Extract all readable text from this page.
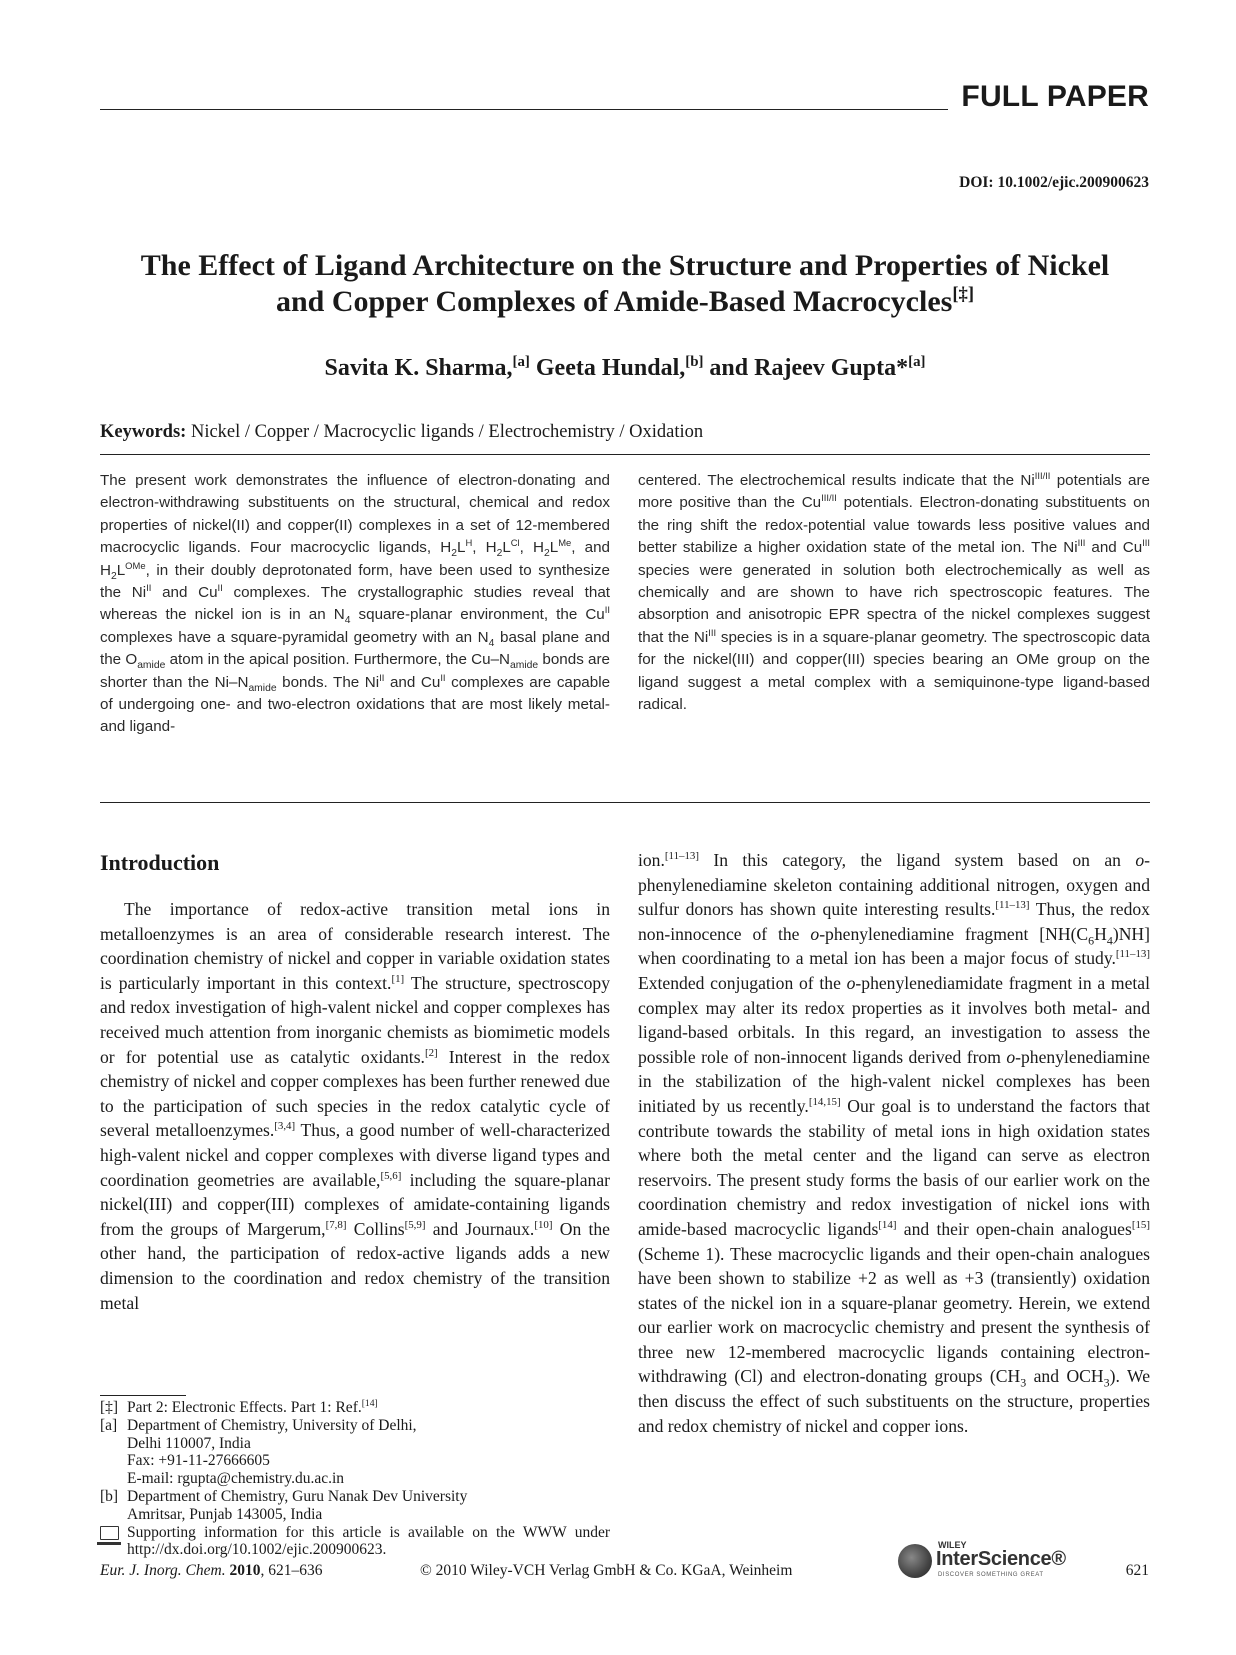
FULL PAPER
DOI: 10.1002/ejic.200900623
The Effect of Ligand Architecture on the Structure and Properties of Nickel
and Copper Complexes of Amide-Based Macrocycles[‡]
Savita K. Sharma,[a] Geeta Hundal,[b] and Rajeev Gupta*[a]
Keywords: Nickel / Copper / Macrocyclic ligands / Electrochemistry / Oxidation
The present work demonstrates the influence of electron-donating and electron-withdrawing substituents on the structural, chemical and redox properties of nickel(II) and copper(II) complexes in a set of 12-membered macrocyclic ligands. Four macrocyclic ligands, $H_2L^H$, $H_2L^{Cl}$, $H_2L^{Me}$, and $H_2L^{OMe}$, in their doubly deprotonated form, have been used to synthesize the $Ni^{II}$ and $Cu^{II}$ complexes. The crystallographic studies reveal that whereas the nickel ion is in an $N_4$ square-planar environment, the $Cu^{II}$ complexes have a square-pyramidal geometry with an $N_4$ basal plane and the $O_{amide}$ atom in the apical position. Furthermore, the $Cu-N_{amide}$ bonds are shorter than the $Ni-N_{amide}$ bonds. The $Ni^{II}$ and $Cu^{II}$ complexes are capable of undergoing one- and two-electron oxidations that are most likely metal- and ligand-
centered. The electrochemical results indicate that the $Ni^{III/II}$ potentials are more positive than the $Cu^{III/II}$ potentials. Electron-donating substituents on the ring shift the redox-potential value towards less positive values and better stabilize a higher oxidation state of the metal ion. The $Ni^{III}$ and $Cu^{III}$ species were generated in solution both electrochemically as well as chemically and are shown to have rich spectroscopic features. The absorption and anisotropic EPR spectra of the nickel complexes suggest that the $Ni^{III}$ species is in a square-planar geometry. The spectroscopic data for the nickel(III) and copper(III) species bearing an OMe group on the ligand suggest a metal complex with a semiquinone-type ligand-based radical.
Introduction
The importance of redox-active transition metal ions in metalloenzymes is an area of considerable research interest. The coordination chemistry of nickel and copper in variable oxidation states is particularly important in this context.[1] The structure, spectroscopy and redox investigation of high-valent nickel and copper complexes has received much attention from inorganic chemists as biomimetic models or for potential use as catalytic oxidants.[2] Interest in the redox chemistry of nickel and copper complexes has been further renewed due to the participation of such species in the redox catalytic cycle of several metalloenzymes.[3,4] Thus, a good number of well-characterized high-valent nickel and copper complexes with diverse ligand types and coordination geometries are available,[5,6] including the square-planar nickel(III) and copper(III) complexes of amidate-containing ligands from the groups of Margerum,[7,8] Collins[5,9] and Journaux.[10] On the other hand, the participation of redox-active ligands adds a new dimension to the coordination and redox chemistry of the transition metal
ion.[11–13] In this category, the ligand system based on an o-phenylenediamine skeleton containing additional nitrogen, oxygen and sulfur donors has shown quite interesting results.[11–13] Thus, the redox non-innocence of the o-phenylenediamine fragment $[NH(C_6H_4)NH]$ when coordinating to a metal ion has been a major focus of study.[11–13] Extended conjugation of the o-phenylenediamidate fragment in a metal complex may alter its redox properties as it involves both metal- and ligand-based orbitals. In this regard, an investigation to assess the possible role of non-innocent ligands derived from o-phenylenediamine in the stabilization of the high-valent nickel complexes has been initiated by us recently.[14,15] Our goal is to understand the factors that contribute towards the stability of metal ions in high oxidation states where both the metal center and the ligand can serve as electron reservoirs. The present study forms the basis of our earlier work on the coordination chemistry and redox investigation of nickel ions with amide-based macrocyclic ligands[14] and their open-chain analogues[15] (Scheme 1). These macrocyclic ligands and their open-chain analogues have been shown to stabilize +2 as well as +3 (transiently) oxidation states of the nickel ion in a square-planar geometry. Herein, we extend our earlier work on macrocyclic chemistry and present the synthesis of three new 12-membered macrocyclic ligands containing electron-withdrawing (Cl) and electron-donating groups ($CH_3$ and $OCH_3$). We then discuss the effect of such substituents on the structure, properties and redox chemistry of nickel and copper ions.
[‡] Part 2: Electronic Effects. Part 1: Ref.[14]
[a] Department of Chemistry, University of Delhi,
Delhi 110007, India
Fax: +91-11-27666605
E-mail: rgupta@chemistry.du.ac.in
[b] Department of Chemistry, Guru Nanak Dev University
Amritsar, Punjab 143005, India
Supporting information for this article is available on the WWW under http://dx.doi.org/10.1002/ejic.200900623.
Eur. J. Inorg. Chem. 2010, 621–636	© 2010 Wiley-VCH Verlag GmbH & Co. KGaA, Weinheim
WILEY
InterScience®
DISCOVER SOMETHING GREAT	621
